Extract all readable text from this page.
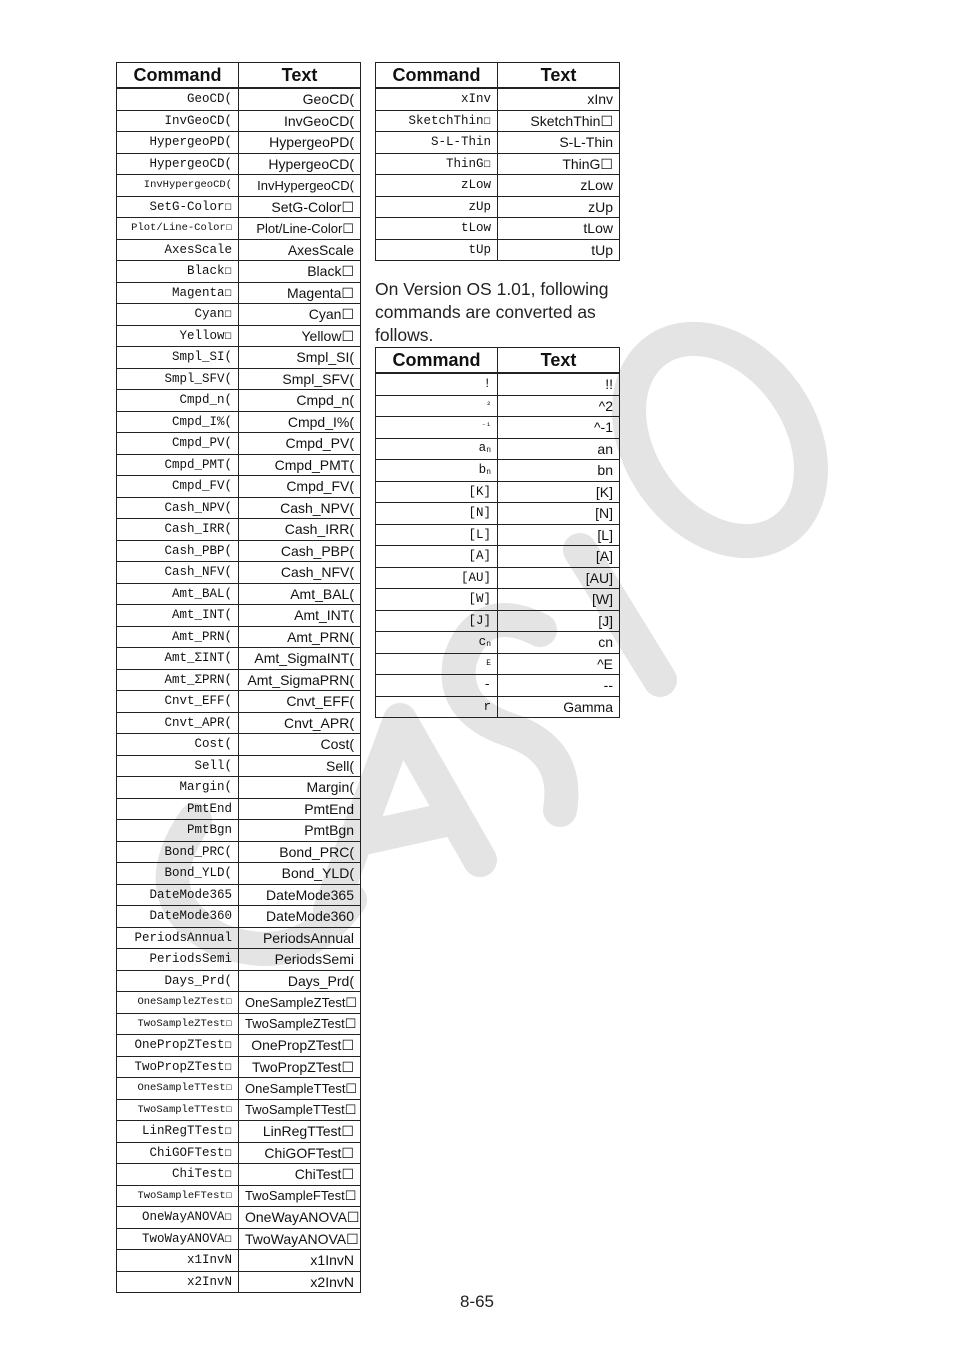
Command	Text
GeoCD(	GeoCD(
InvGeoCD(	InvGeoCD(
HypergeoPD(	HypergeoPD(
HypergeoCD(	HypergeoCD(
InvHypergeoCD(	InvHypergeoCD(
SetG-Color☐	SetG-Color☐
Plot/Line-Color☐	Plot/Line-Color☐
AxesScale	AxesScale
Black☐	Black☐
Magenta☐	Magenta☐
Cyan☐	Cyan☐
Yellow☐	Yellow☐
Smpl_SI(	Smpl_SI(
Smpl_SFV(	Smpl_SFV(
Cmpd_n(	Cmpd_n(
Cmpd_I%(	Cmpd_I%(
Cmpd_PV(	Cmpd_PV(
Cmpd_PMT(	Cmpd_PMT(
Cmpd_FV(	Cmpd_FV(
Cash_NPV(	Cash_NPV(
Cash_IRR(	Cash_IRR(
Cash_PBP(	Cash_PBP(
Cash_NFV(	Cash_NFV(
Amt_BAL(	Amt_BAL(
Amt_INT(	Amt_INT(
Amt_PRN(	Amt_PRN(
Amt_ΣINT(	Amt_SigmaINT(
Amt_ΣPRN(	Amt_SigmaPRN(
Cnvt_EFF(	Cnvt_EFF(
Cnvt_APR(	Cnvt_APR(
Cost(	Cost(
Sell(	Sell(
Margin(	Margin(
PmtEnd	PmtEnd
PmtBgn	PmtBgn
Bond_PRC(	Bond_PRC(
Bond_YLD(	Bond_YLD(
DateMode365	DateMode365
DateMode360	DateMode360
PeriodsAnnual	PeriodsAnnual
PeriodsSemi	PeriodsSemi
Days_Prd(	Days_Prd(
OneSampleZTest☐	OneSampleZTest☐
TwoSampleZTest☐	TwoSampleZTest☐
OnePropZTest☐	OnePropZTest☐
TwoPropZTest☐	TwoPropZTest☐
OneSampleTTest☐	OneSampleTTest☐
TwoSampleTTest☐	TwoSampleTTest☐
LinRegTTest☐	LinRegTTest☐
ChiGOFTest☐	ChiGOFTest☐
ChiTest☐	ChiTest☐
TwoSampleFTest☐	TwoSampleFTest☐
OneWayANOVA☐	OneWayANOVA☐
TwoWayANOVA☐	TwoWayANOVA☐
x1InvN	x1InvN
x2InvN	x2InvN
Command	Text
xInv	xInv
SketchThin☐	SketchThin☐
S-L-Thin	S-L-Thin
ThinG☐	ThinG☐
zLow	zLow
zUp	zUp
tLow	tLow
tUp	tUp
On Version OS 1.01, following commands are converted as follows.
Command	Text
!	!!
²	^2
⁻¹	^-1
$a_n$	an
$b_n$	bn
[K]	[K]
[N]	[N]
[L]	[L]
[A]	[A]
[AU]	[AU]
[W]	[W]
[J]	[J]
$c_n$	cn
E	^E
-	--
r	Gamma
8-65
